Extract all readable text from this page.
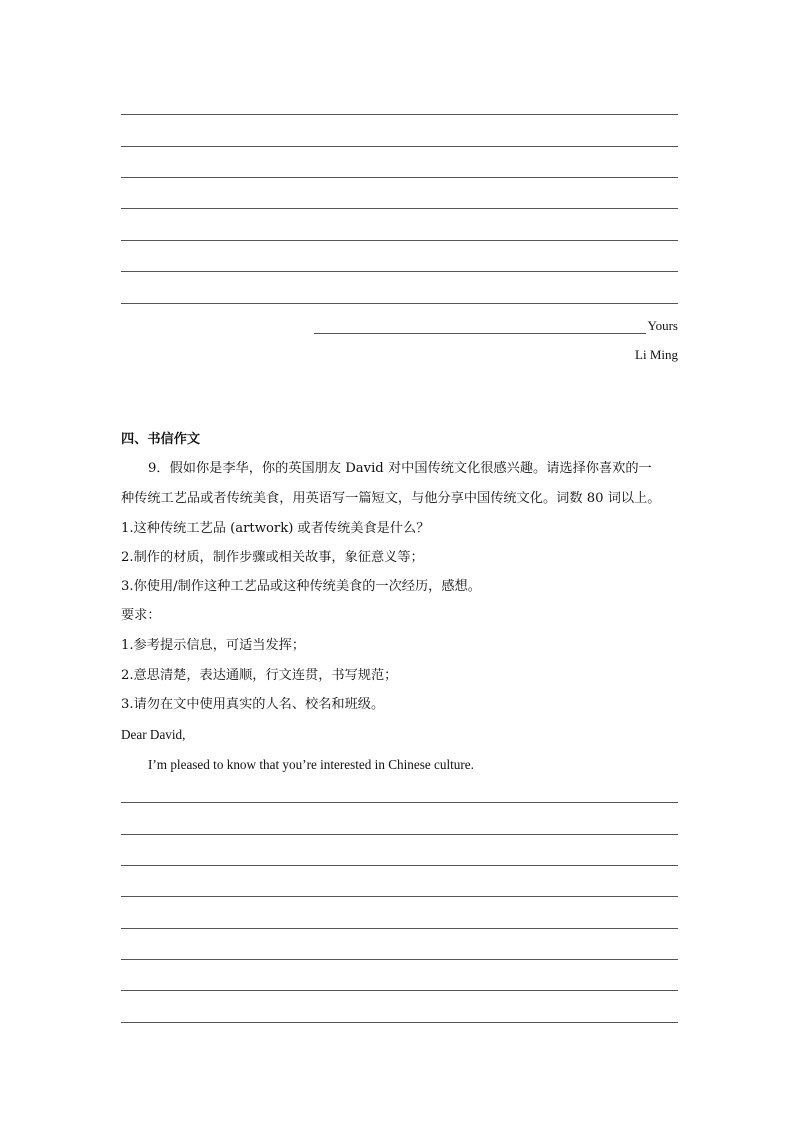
Yours
Li Ming
四、书信作文
9．假如你是李华，你的英国朋友 David 对中国传统文化很感兴趣。请选择你喜欢的一
种传统工艺品或者传统美食，用英语写一篇短文，与他分享中国传统文化。词数 80 词以上。
1.这种传统工艺品 (artwork) 或者传统美食是什么？
2.制作的材质，制作步骤或相关故事，象征意义等；
3.你使用/制作这种工艺品或这种传统美食的一次经历，感想。
要求：
1.参考提示信息，可适当发挥；
2.意思清楚，表达通顺，行文连贯，书写规范；
3.请勿在文中使用真实的人名、校名和班级。
Dear David,
I’m pleased to know that you’re interested in Chinese culture.
